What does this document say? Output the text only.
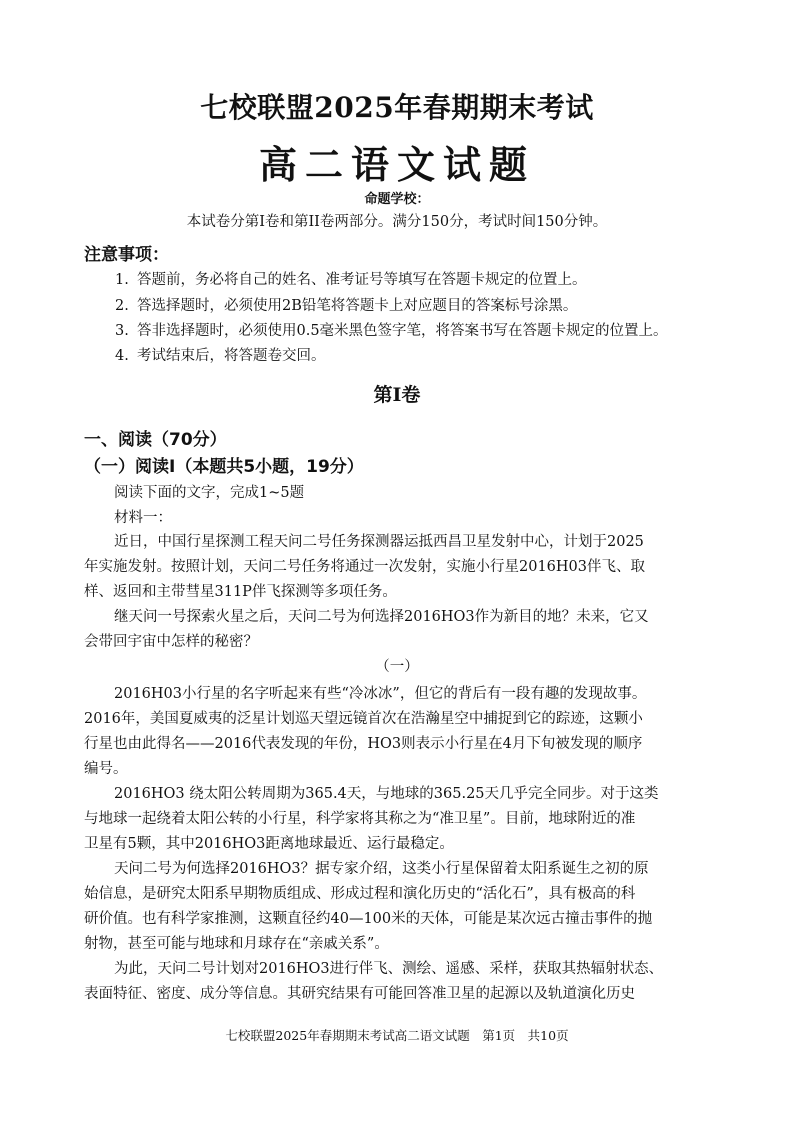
七校联盟2025年春期期末考试
高二语文试题
命题学校：
本试卷分第I卷和第II卷两部分。满分150分，考试时间150分钟。
注意事项：
1. 答题前，务必将自己的姓名、准考证号等填写在答题卡规定的位置上。
2. 答选择题时，必须使用2B铅笔将答题卡上对应题目的答案标号涂黑。
3. 答非选择题时，必须使用0.5毫米黑色签字笔，将答案书写在答题卡规定的位置上。
4. 考试结束后，将答题卷交回。
第I卷
一、阅读（70分）
（一）阅读I（本题共5小题，19分）
阅读下面的文字，完成1~5题
材料一：
近日，中国行星探测工程天问二号任务探测器运抵西昌卫星发射中心，计划于2025
年实施发射。按照计划，天问二号任务将通过一次发射，实施小行星2016H03伴飞、取
样、返回和主带彗星311P伴飞探测等多项任务。
继天问一号探索火星之后，天问二号为何选择2016HO3作为新目的地？未来，它又
会带回宇宙中怎样的秘密？
（一）
2016H03小行星的名字听起来有些“冷冰冰”，但它的背后有一段有趣的发现故事。
2016年，美国夏威夷的泛星计划巡天望远镜首次在浩瀚星空中捕捉到它的踪迹，这颗小
行星也由此得名——2016代表发现的年份，HO3则表示小行星在4月下旬被发现的顺序
编号。
2016HO3 绕太阳公转周期为365.4天，与地球的365.25天几乎完全同步。对于这类
与地球一起绕着太阳公转的小行星，科学家将其称之为“准卫星”。目前，地球附近的准
卫星有5颗，其中2016HO3距离地球最近、运行最稳定。
天问二号为何选择2016HO3？据专家介绍，这类小行星保留着太阳系诞生之初的原
始信息，是研究太阳系早期物质组成、形成过程和演化历史的“活化石”，具有极高的科
研价值。也有科学家推测，这颗直径约40—100米的天体，可能是某次远古撞击事件的抛
射物，甚至可能与地球和月球存在“亲戚关系”。
为此，天问二号计划对2016HO3进行伴飞、测绘、遥感、采样，获取其热辐射状态、
表面特征、密度、成分等信息。其研究结果有可能回答准卫星的起源以及轨道演化历史
七校联盟2025年春期期末考试高二语文试题　第1页　共10页
